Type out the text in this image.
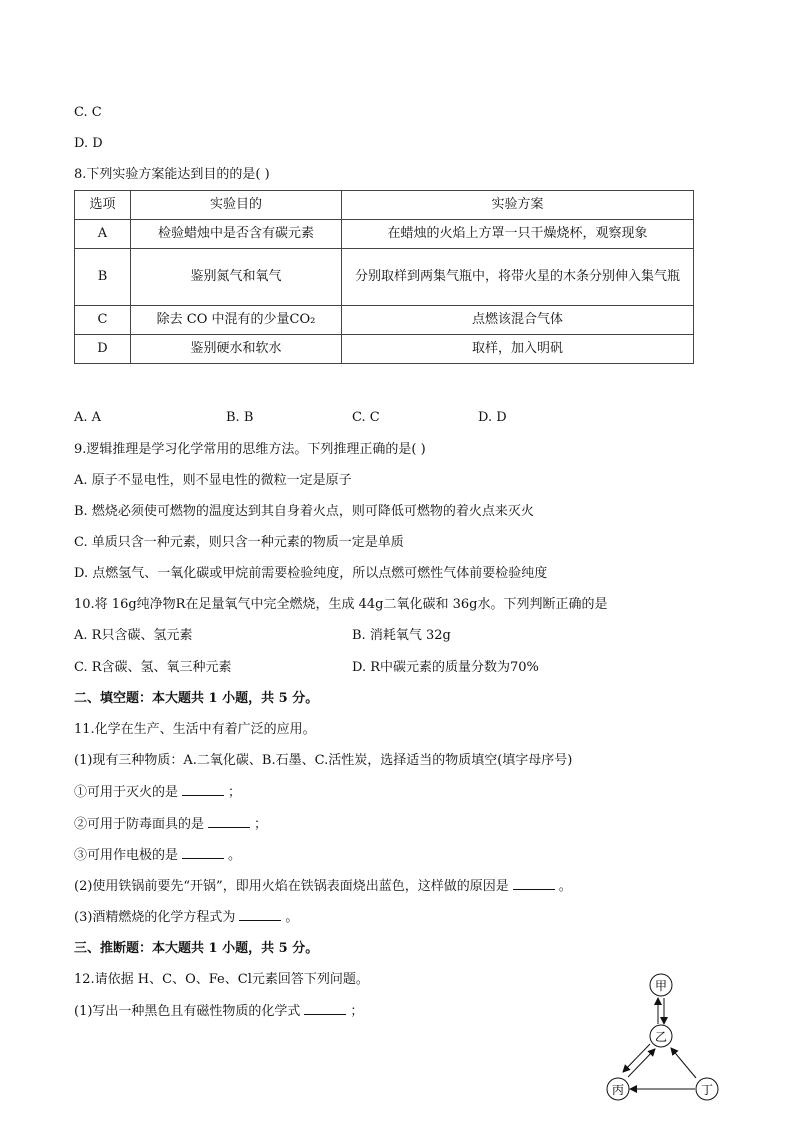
C. C
D. D
8.下列实验方案能达到目的的是( )
选项	实验目的	实验方案
A	检验蜡烛中是否含有碳元素	在蜡烛的火焰上方罩一只干燥烧杯，观察现象
B	鉴别氮气和氧气	分别取样到两集气瓶中，将带火星的木条分别伸入集气瓶
C	除去 CO 中混有的少量CO₂	点燃该混合气体
D	鉴别硬水和软水	取样，加入明矾
A. A	B. B	C. C	D. D
9.逻辑推理是学习化学常用的思维方法。下列推理正确的是( )
A. 原子不显电性，则不显电性的微粒一定是原子
B. 燃烧必须使可燃物的温度达到其自身着火点，则可降低可燃物的着火点来灭火
C. 单质只含一种元素，则只含一种元素的物质一定是单质
D. 点燃氢气、一氧化碳或甲烷前需要检验纯度，所以点燃可燃性气体前要检验纯度
10.将 16g纯净物R在足量氧气中完全燃烧，生成 44g二氧化碳和 36g水。下列判断正确的是
A. R只含碳、氢元素	B. 消耗氧气 32g
C. R含碳、氢、氧三种元素	D. R中碳元素的质量分数为70%
二、填空题：本大题共 1 小题，共 5 分。
11.化学在生产、生活中有着广泛的应用。
(1)现有三种物质：A.二氧化碳、B.石墨、C.活性炭，选择适当的物质填空(填字母序号)
①可用于灭火的是	；
②可用于防毒面具的是	；
③可用作电极的是	。
(2)使用铁锅前要先“开锅”，即用火焰在铁锅表面烧出蓝色，这样做的原因是	。
(3)酒精燃烧的化学方程式为	。
三、推断题：本大题共 1 小题，共 5 分。
12.请依据 H、C、O、Fe、Cl元素回答下列问题。
(1)写出一种黑色且有磁性物质的化学式	；
甲
乙
丙	丁
